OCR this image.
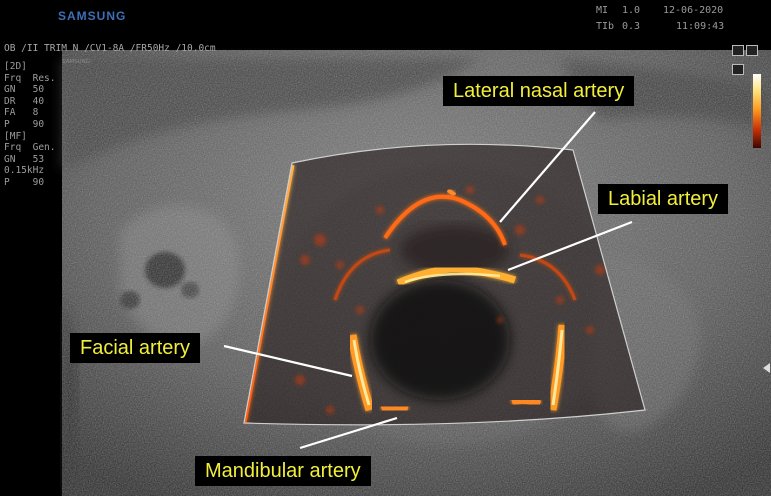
SAMSUNG
SAMSUNG	MI 1.0
TIb 0.3
12-06-2020
11:09:43
OB /II TRIM N /CV1-8A /FR50Hz /10.0cm
[2D]
Frq  Res.
GN   50
DR   40
FA   8
P    90
[MF]
Frq  Gen.
GN   53
0.15kHz
P    90
Lateral nasal artery
Labial artery
Facial artery
Mandibular artery
